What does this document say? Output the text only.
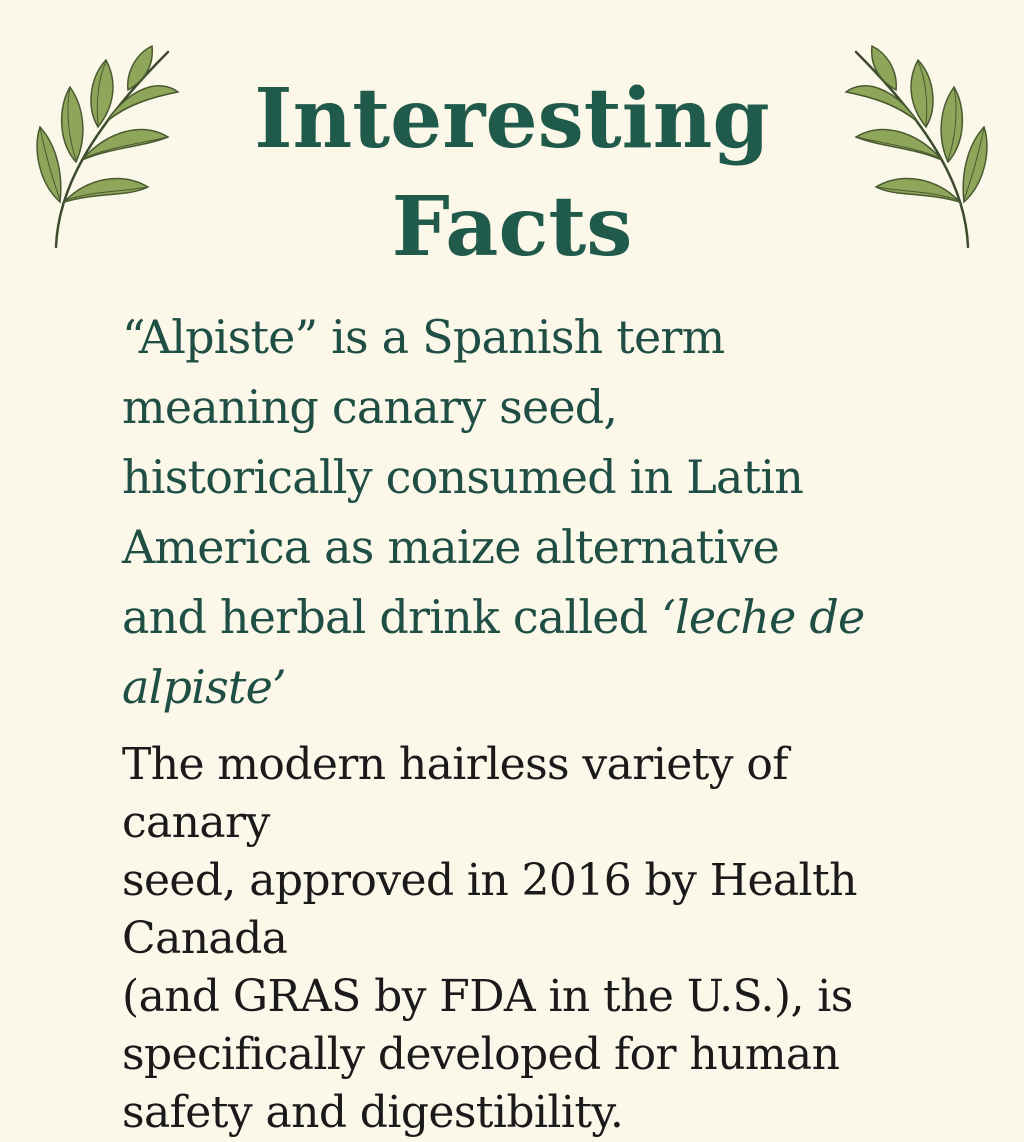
Interesting
Facts

“Alpiste” is a Spanish term
meaning canary seed,
historically consumed in Latin
America as maize alternative
and herbal drink called ‘leche de
alpiste’

The modern hairless variety of canary
seed, approved in 2016 by Health Canada
(and GRAS by FDA in the U.S.), is
specifically developed for human
safety and digestibility.
